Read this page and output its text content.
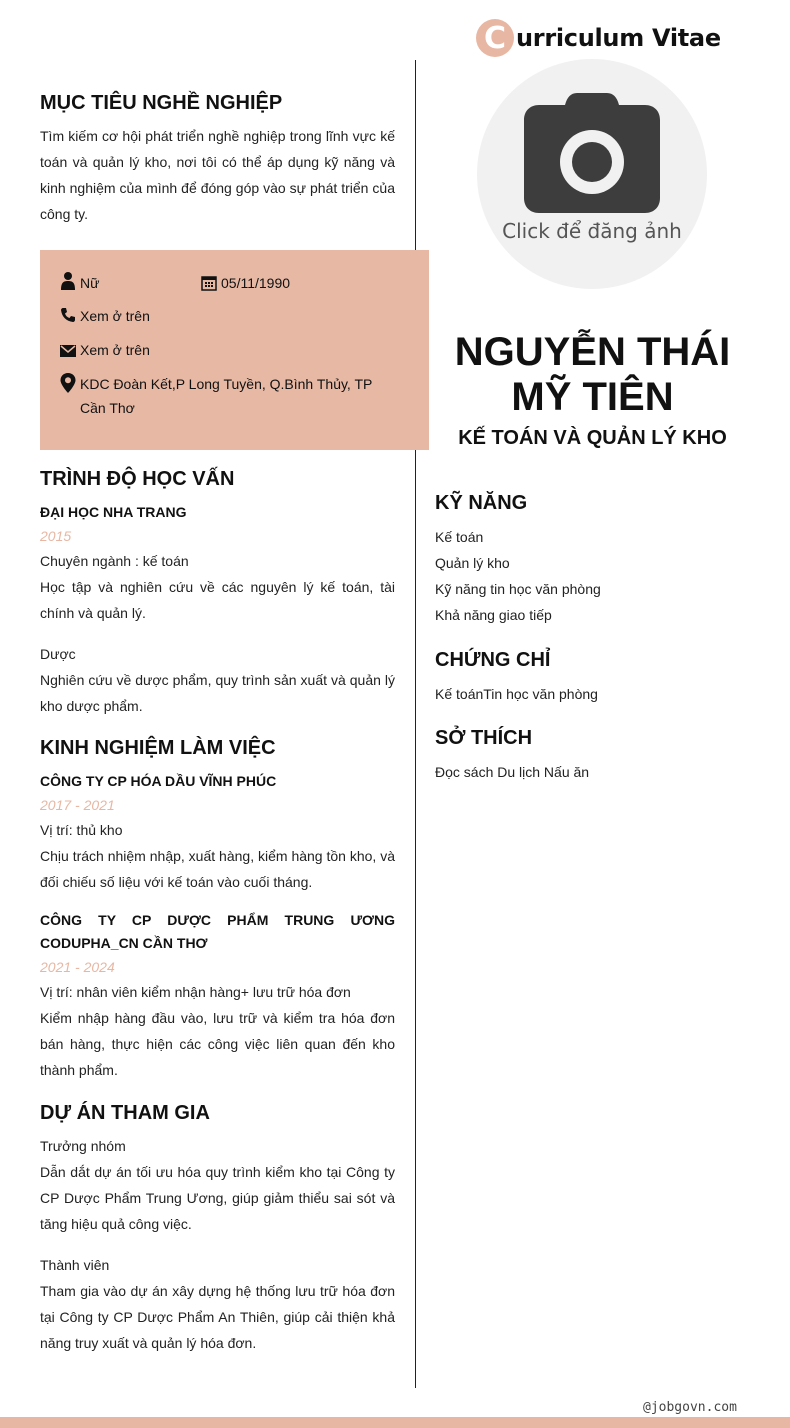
C urriculum Vitae
MỤC TIÊU NGHỀ NGHIỆP
Tìm kiếm cơ hội phát triển nghề nghiệp trong lĩnh vực kế toán và quản lý kho, nơi tôi có thể áp dụng kỹ năng và kinh nghiệm của mình để đóng góp vào sự phát triển của công ty.
Nữ	05/11/1990
Xem ở trên
Xem ở trên
KDC Đoàn Kết,P Long Tuyền, Q.Bình Thủy, TP Cần Thơ
TRÌNH ĐỘ HỌC VẤN
ĐẠI HỌC NHA TRANG
2015
Chuyên ngành : kế toán
Học tập và nghiên cứu về các nguyên lý kế toán, tài chính và quản lý.
Dược
Nghiên cứu về dược phẩm, quy trình sản xuất và quản lý kho dược phẩm.
KINH NGHIỆM LÀM VIỆC
CÔNG TY CP HÓA DẦU VĨNH PHÚC
2017 - 2021
Vị trí: thủ kho
Chịu trách nhiệm nhập, xuất hàng, kiểm hàng tồn kho, và đối chiếu số liệu với kế toán vào cuối tháng.
CÔNG TY CP DƯỢC PHẨM TRUNG ƯƠNG CODUPHA_CN CẦN THƠ
2021 - 2024
Vị trí: nhân viên kiểm nhận hàng+ lưu trữ hóa đơn
Kiểm nhập hàng đầu vào, lưu trữ và kiểm tra hóa đơn bán hàng, thực hiện các công việc liên quan đến kho thành phẩm.
DỰ ÁN THAM GIA
Trưởng nhóm
Dẫn dắt dự án tối ưu hóa quy trình kiểm kho tại Công ty CP Dược Phẩm Trung Ương, giúp giảm thiểu sai sót và tăng hiệu quả công việc.
Thành viên
Tham gia vào dự án xây dựng hệ thống lưu trữ hóa đơn tại Công ty CP Dược Phẩm An Thiên, giúp cải thiện khả năng truy xuất và quản lý hóa đơn.
Click để đăng ảnh
NGUYỄN THÁI MỸ TIÊN
KẾ TOÁN VÀ QUẢN LÝ KHO
KỸ NĂNG
Kế toán
Quản lý kho
Kỹ năng tin học văn phòng
Khả năng giao tiếp
CHỨNG CHỈ
Kế toánTin học văn phòng
SỞ THÍCH
Đọc sách Du lịch Nấu ăn
@jobgovn.com
